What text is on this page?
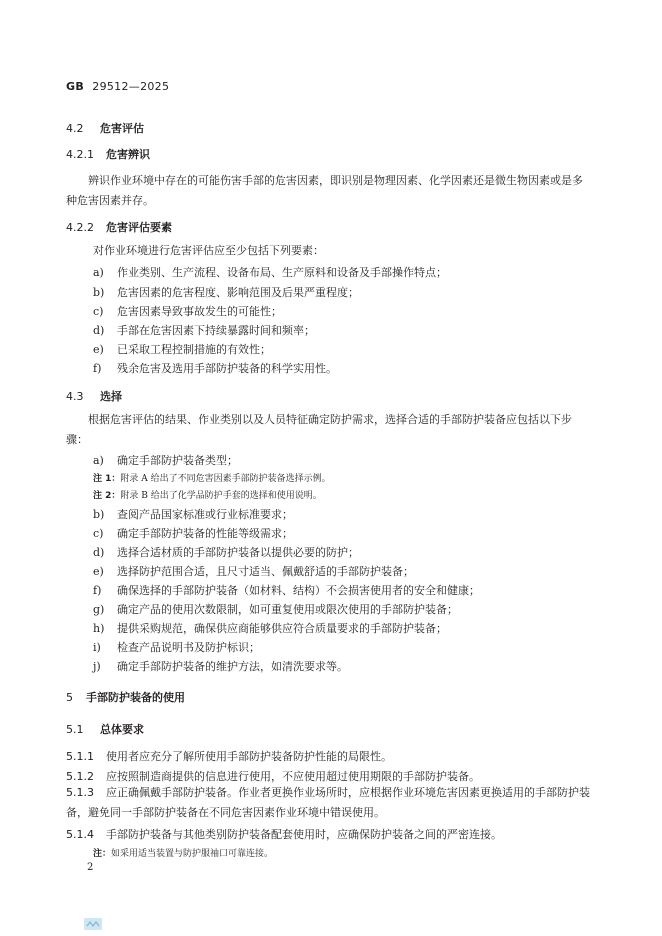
GB 29512—2025
4.2 危害评估
4.2.1 危害辨识
辨识作业环境中存在的可能伤害手部的危害因素，即识别是物理因素、化学因素还是微生物因素或是多种危害因素并存。
4.2.2 危害评估要素
对作业环境进行危害评估应至少包括下列要素：
a) 作业类别、生产流程、设备布局、生产原料和设备及手部操作特点；
b) 危害因素的危害程度、影响范围及后果严重程度；
c) 危害因素导致事故发生的可能性；
d) 手部在危害因素下持续暴露时间和频率；
e) 已采取工程控制措施的有效性；
f) 残余危害及选用手部防护装备的科学实用性。
4.3 选择
根据危害评估的结果、作业类别以及人员特征确定防护需求，选择合适的手部防护装备应包括以下步骤：
a) 确定手部防护装备类型；
注 1：附录 A 给出了不同危害因素手部防护装备选择示例。
注 2：附录 B 给出了化学品防护手套的选择和使用说明。
b) 查阅产品国家标准或行业标准要求；
c) 确定手部防护装备的性能等级需求；
d) 选择合适材质的手部防护装备以提供必要的防护；
e) 选择防护范围合适，且尺寸适当、佩戴舒适的手部防护装备；
f) 确保选择的手部防护装备（如材料、结构）不会损害使用者的安全和健康；
g) 确定产品的使用次数限制，如可重复使用或限次使用的手部防护装备；
h) 提供采购规范，确保供应商能够供应符合质量要求的手部防护装备；
i) 检查产品说明书及防护标识；
j) 确定手部防护装备的维护方法，如清洗要求等。
5 手部防护装备的使用
5.1 总体要求
5.1.1 使用者应充分了解所使用手部防护装备防护性能的局限性。
5.1.2 应按照制造商提供的信息进行使用，不应使用超过使用期限的手部防护装备。
5.1.3 应正确佩戴手部防护装备。作业者更换作业场所时，应根据作业环境危害因素更换适用的手部防护装备，避免同一手部防护装备在不同危害因素作业环境中错误使用。
5.1.4 手部防护装备与其他类别防护装备配套使用时，应确保防护装备之间的严密连接。
注：如采用适当装置与防护服袖口可靠连接。
2
